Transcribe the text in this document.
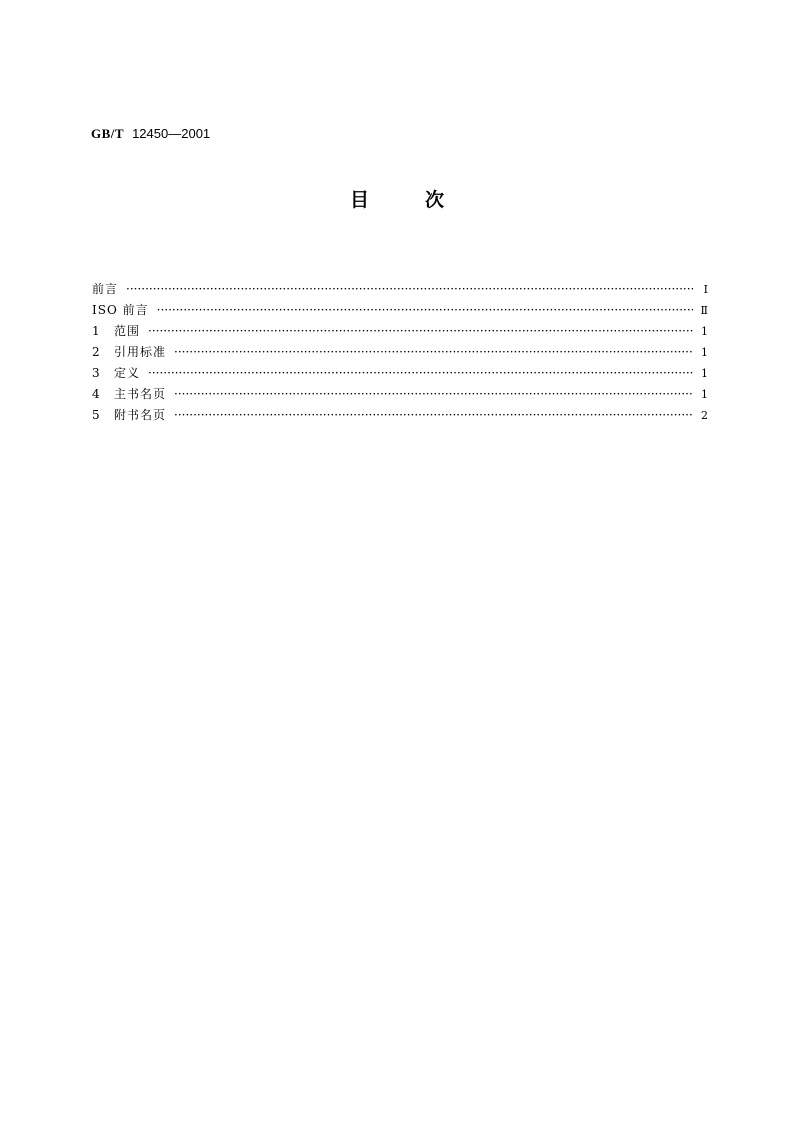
GB/T 12450—2001
目	次
前言 ·····	Ⅰ
ISO 前言 ·····	Ⅱ
1	范围 ·····	1
2	引用标准 ·····	1
3	定义 ·····	1
4	主书名页 ·····	1
5	附书名页 ·····	2
